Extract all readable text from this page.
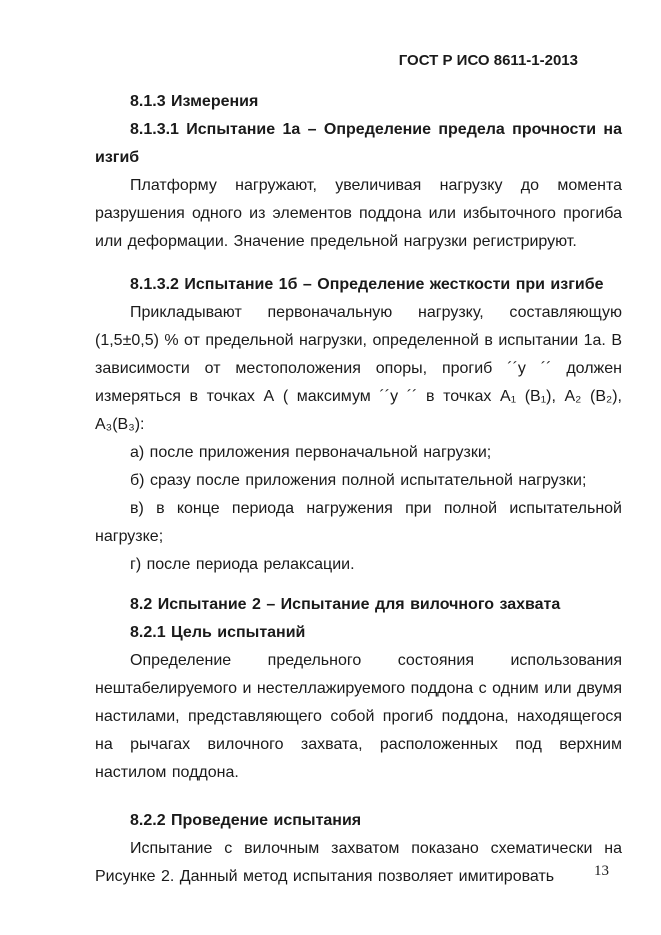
ГОСТ Р ИСО 8611-1-2013
8.1.3 Измерения
8.1.3.1 Испытание 1а – Определение предела прочности на изгиб
Платформу нагружают, увеличивая нагрузку до момента разрушения одного из элементов поддона или избыточного прогиба или деформации. Значение предельной нагрузки регистрируют.
8.1.3.2 Испытание 1б – Определение жесткости при изгибе
Прикладывают первоначальную нагрузку, составляющую (1,5±0,5) % от предельной нагрузки, определенной в испытании 1а. В зависимости от местоположения опоры, прогиб ´´у ´´ должен измеряться в точках А ( максимум ´´у ´´ в точках А₁ (В₁), А₂ (В₂), А₃(В₃):
а) после приложения первоначальной нагрузки;
б) сразу после приложения полной испытательной нагрузки;
в) в конце периода нагружения при полной испытательной нагрузке;
г) после периода релаксации.
8.2 Испытание 2 – Испытание для вилочного захвата
8.2.1 Цель испытаний
Определение предельного состояния использования нештабелируемого и нестеллажируемого поддона с одним или двумя настилами, представляющего собой прогиб поддона, находящегося на рычагах вилочного захвата, расположенных под верхним настилом поддона.
8.2.2 Проведение испытания
Испытание с вилочным захватом показано схематически на Рисунке 2. Данный метод испытания позволяет имитировать	13
